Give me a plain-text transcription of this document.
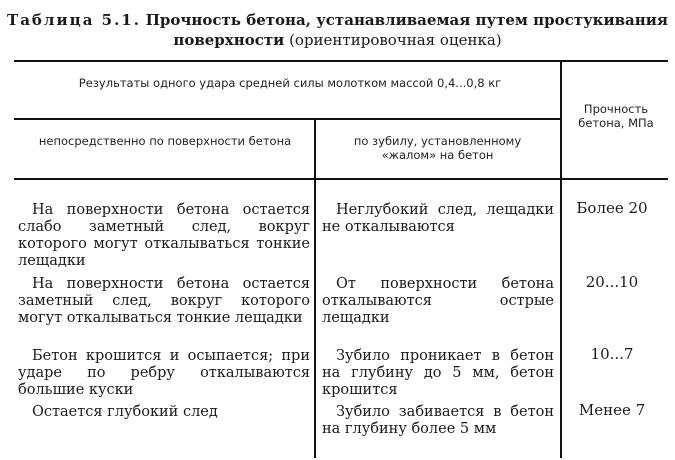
Таблица 5.1. Прочность бетона, устанавливаемая путем простукивания поверхности (ориентировочная оценка)
Результаты одного удара средней силы молотком массой 0,4...0,8 кг
непосредственно по поверхности бетона	по зубилу, установленному «жалом» на бетон
Прочность бетона, МПа
На поверхности бетона остается слабо заметный след, вокруг которого могут откалываться тонкие лещадки
Неглубокий след, лещадки не откалываются
Более 20
На поверхности бетона остается заметный след, вокруг которого могут откалываться тонкие лещадки
От поверхности бетона откалываются острые лещадки
20...10
Бетон крошится и осыпается; при ударе по ребру откалываются большие куски
Зубило проникает в бетон на глубину до 5 мм, бетон крошится
10...7
Остается глубокий след	Зубило забивается в бетон на глубину более 5 мм
Менее 7
